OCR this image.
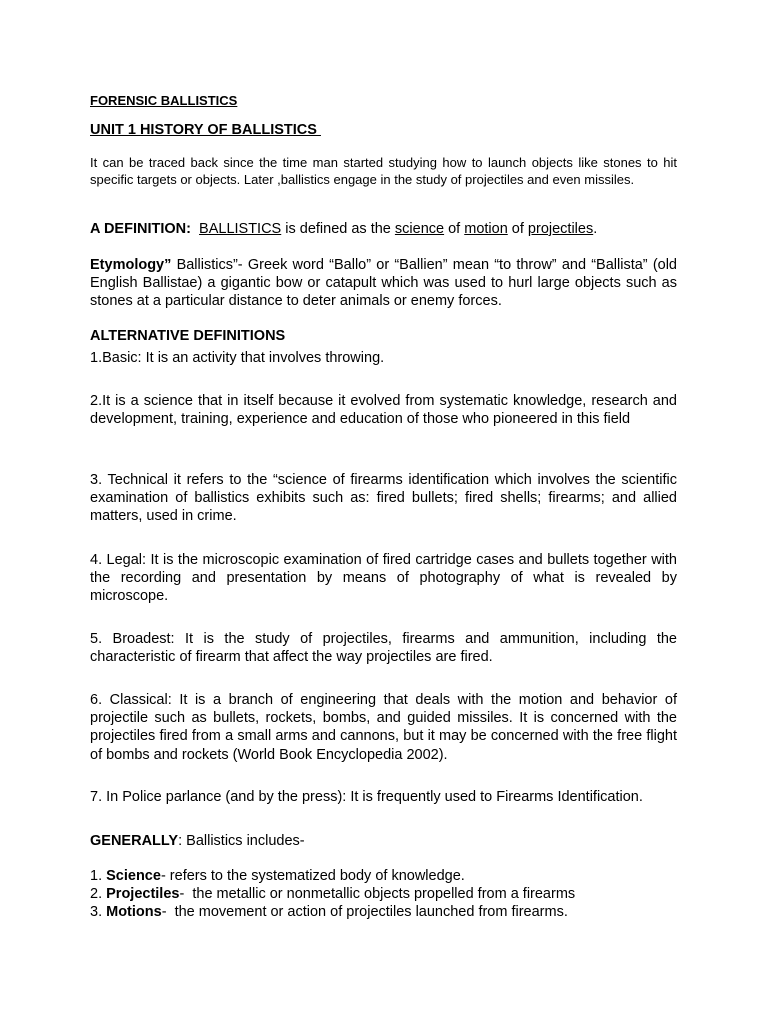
FORENSIC BALLISTICS
UNIT 1 HISTORY OF BALLISTICS

It can be traced back since the time man started studying how to launch objects like stones to hit specific targets or objects. Later ,ballistics engage in the study of projectiles and even missiles.

A DEFINITION: BALLISTICS is defined as the science of motion of projectiles.

Etymology” Ballistics”- Greek word “Ballo” or “Ballien” mean “to throw” and “Ballista” (old English Ballistae) a gigantic bow or catapult which was used to hurl large objects such as stones at a particular distance to deter animals or enemy forces.

ALTERNATIVE DEFINITIONS

1.Basic: It is an activity that involves throwing.

2.It is a science that in itself because it evolved from systematic knowledge, research and development, training, experience and education of those who pioneered in this field

3. Technical it refers to the “science of firearms identification which involves the scientific examination of ballistics exhibits such as: fired bullets; fired shells; firearms; and allied matters, used in crime.

4. Legal: It is the microscopic examination of fired cartridge cases and bullets together with the recording and presentation by means of photography of what is revealed by microscope.

5. Broadest: It is the study of projectiles, firearms and ammunition, including the characteristic of firearm that affect the way projectiles are fired.

6. Classical: It is a branch of engineering that deals with the motion and behavior of projectile such as bullets, rockets, bombs, and guided missiles. It is concerned with the projectiles fired from a small arms and cannons, but it may be concerned with the free flight of bombs and rockets (World Book Encyclopedia 2002).

7. In Police parlance (and by the press): It is frequently used to Firearms Identification.

GENERALLY: Ballistics includes-

1. Science- refers to the systematized body of knowledge.
2. Projectiles-  the metallic or nonmetallic objects propelled from a firearms
3. Motions-  the movement or action of projectiles launched from firearms.
